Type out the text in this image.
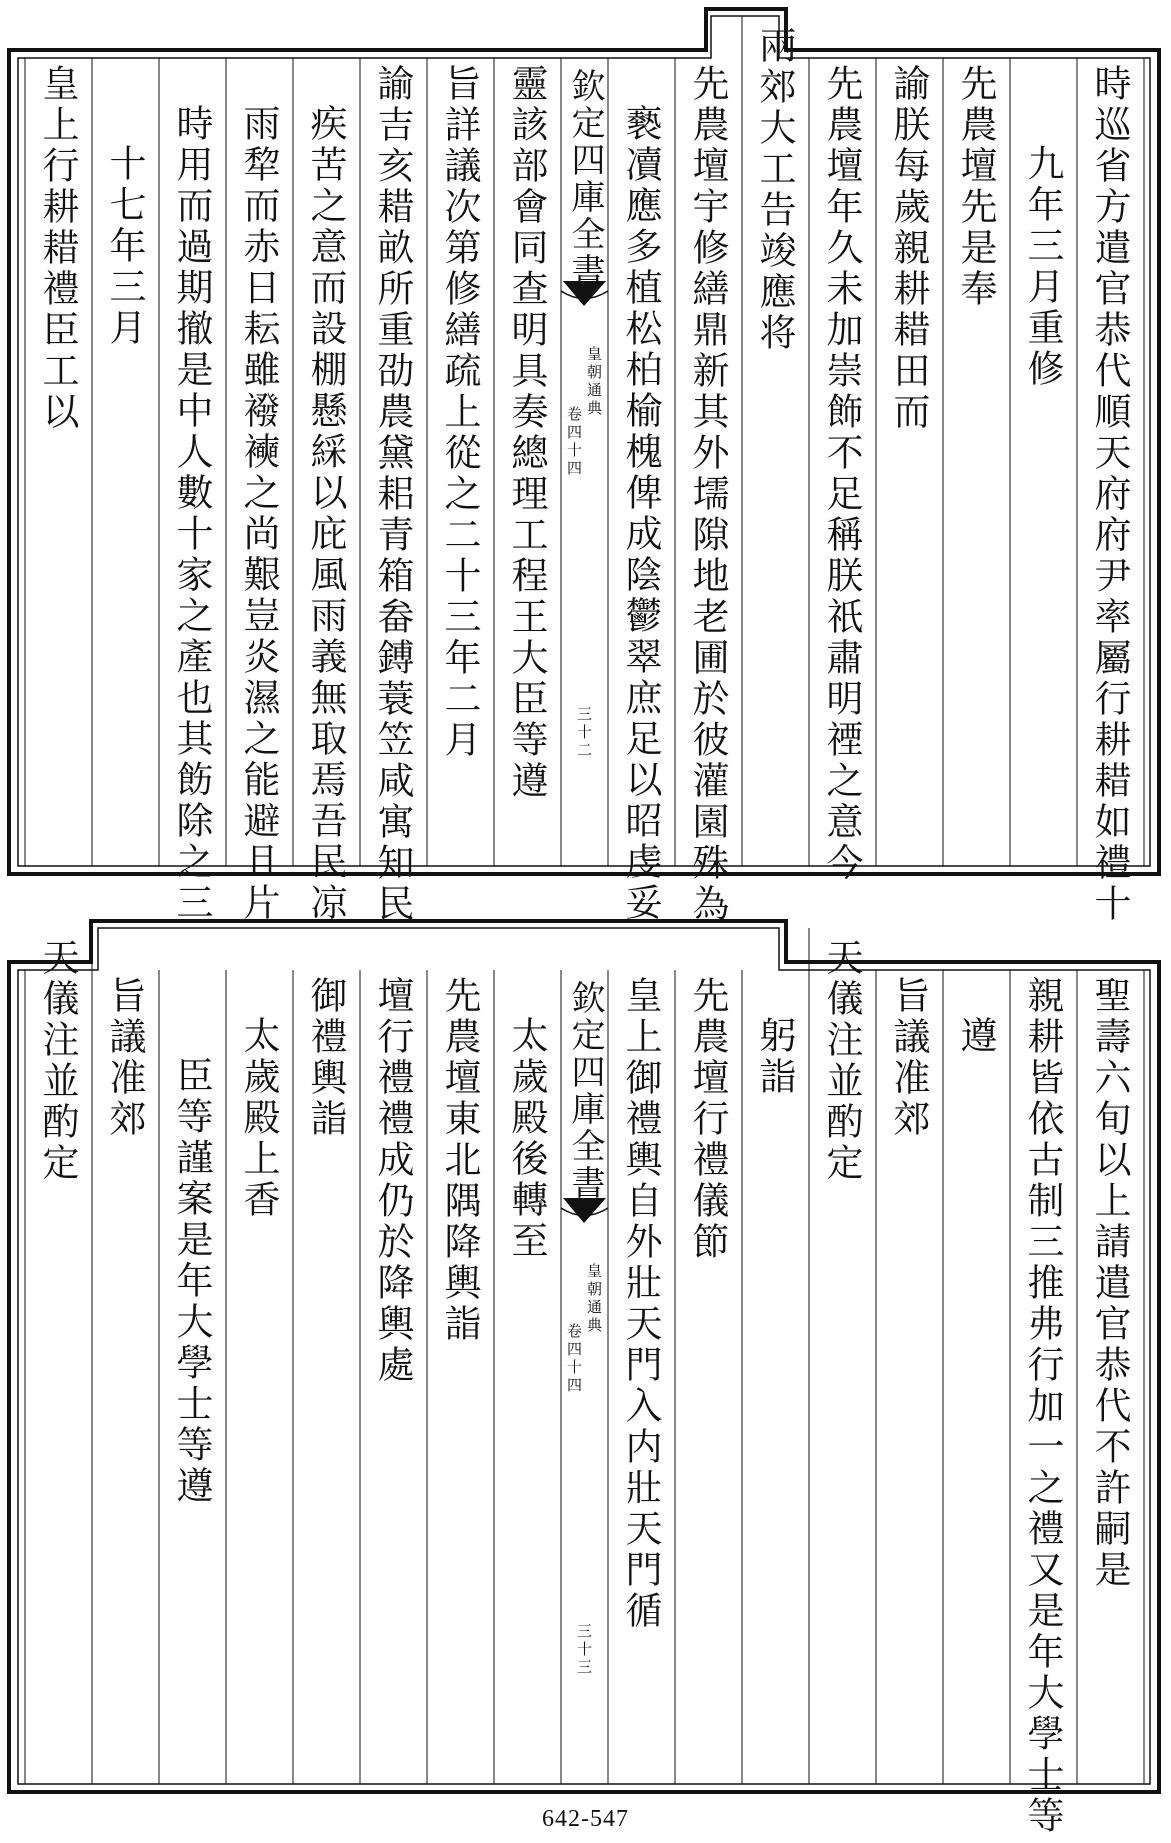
時巡省方遣官恭代順天府府尹率屬行耕耤如禮十
九年三月重修
先農壇先是奉
諭朕每歲親耕耤田而
先農壇年久未加崇飾不足稱朕祇肅明禋之意今
兩郊大工告竣應将
先農壇宇修繕鼎新其外壖隙地老圃於彼灌園殊為
褻凟應多植松柏榆槐俾成陰鬱翠庶足以昭虔妥
欽定四庫全書
皇朝通典
卷四十四
三十二
靈該部會同查明具奏總理工程王大臣等遵
旨詳議次第修繕疏上從之二十三年二月
諭吉亥耤畝所重劭農黛耜青箱畚鎛蓑笠咸寓知民
疾苦之意而設棚懸綵以庇風雨義無取焉吾民凉
雨犂而赤日耘雖襏襫之尚艱豈炎濕之能避且片
時用而過期撤是中人數十家之產也其飭除之三
十七年三月
皇上行耕耤禮臣工以
聖壽六旬以上請遣官恭代不許嗣是
親耕皆依古制三推弗行加一之禮又是年大學士等
遵
旨議准郊
天儀注並酌定
躬詣
先農壇行禮儀節
皇上御禮輿自外壯天門入内壯天門循
欽定四庫全書
皇朝通典
卷四十四
三十三
太歲殿後轉至
先農壇東北隅降輿詣
壇行禮禮成仍於降輿處
御禮輿詣
太歲殿上香
臣等謹案是年大學士等遵
旨議准郊
天儀注並酌定
642-547
